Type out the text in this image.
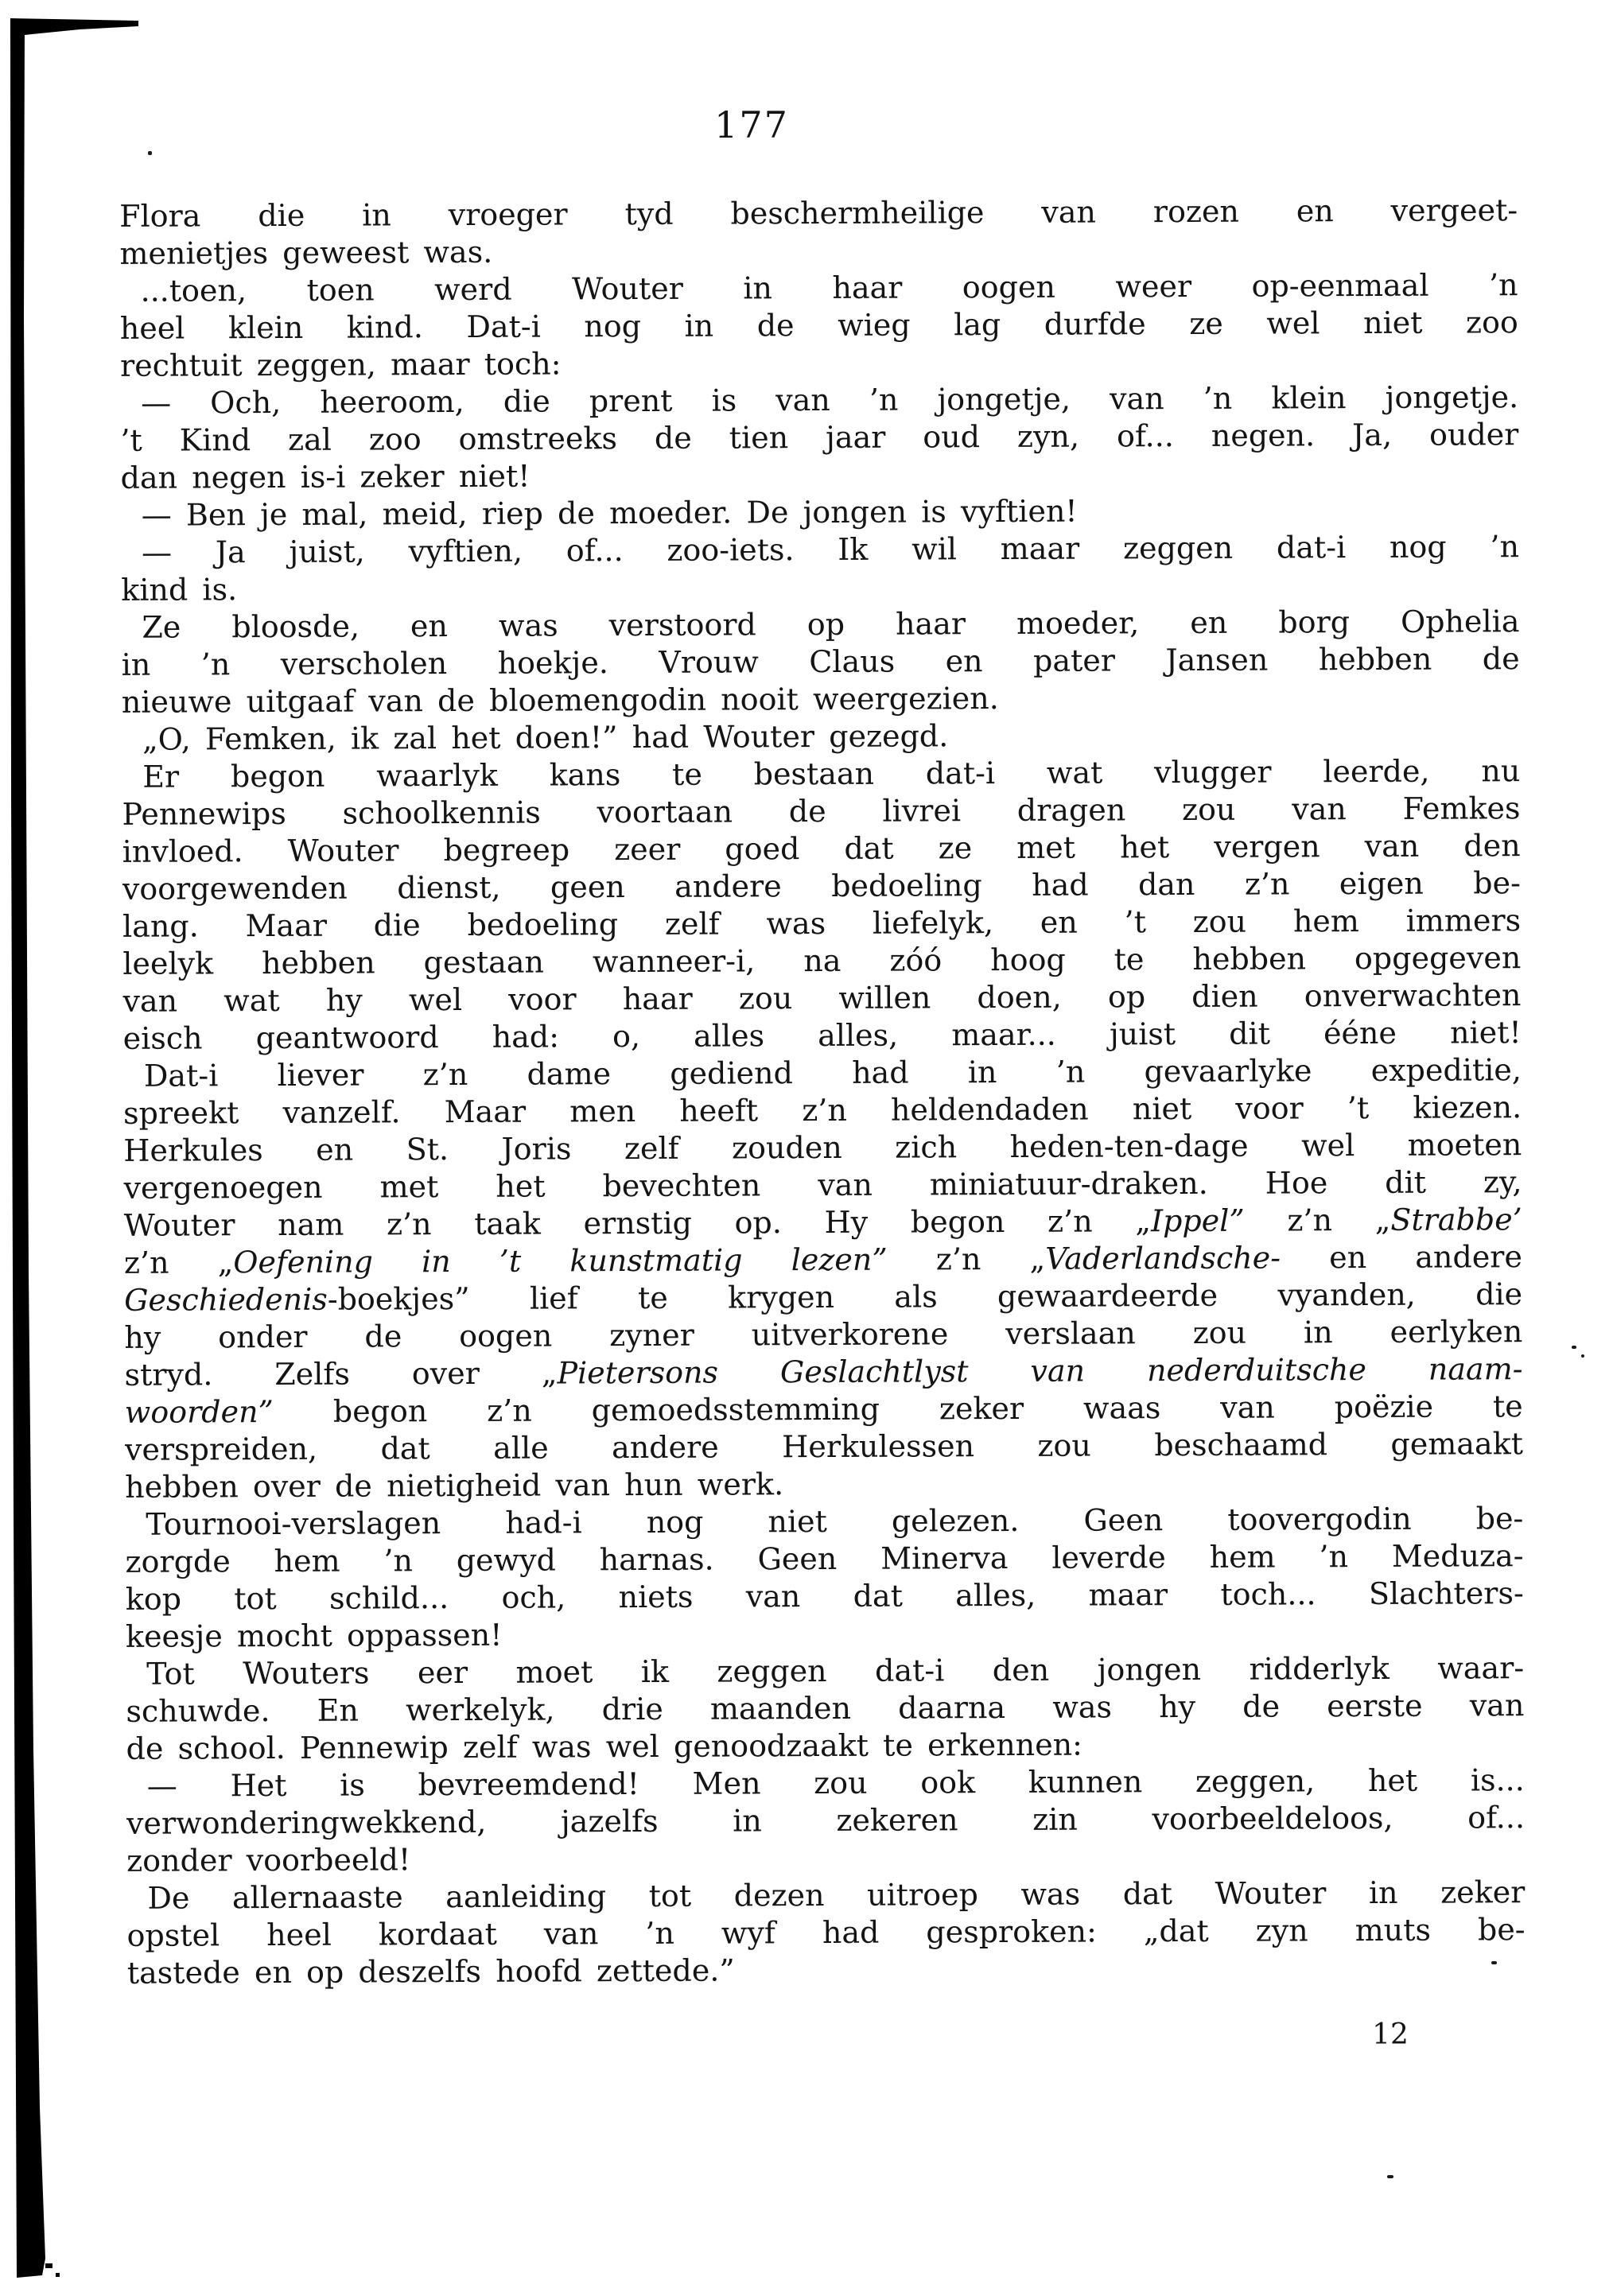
177
Flora die in vroeger tyd beschermheilige van rozen en vergeet-
menietjes geweest was.
...toen, toen werd Wouter in haar oogen weer op-eenmaal ’n
heel klein kind. Dat-i nog in de wieg lag durfde ze wel niet zoo
rechtuit zeggen, maar toch:
— Och, heeroom, die prent is van ’n jongetje, van ’n klein jongetje.
’t Kind zal zoo omstreeks de tien jaar oud zyn, of... negen. Ja, ouder
dan negen is-i zeker niet!
— Ben je mal, meid, riep de moeder. De jongen is vyftien!
— Ja juist, vyftien, of... zoo-iets. Ik wil maar zeggen dat-i nog ’n
kind is.
Ze bloosde, en was verstoord op haar moeder, en borg Ophelia
in ’n verscholen hoekje. Vrouw Claus en pater Jansen hebben de
nieuwe uitgaaf van de bloemengodin nooit weergezien.
„O, Femken, ik zal het doen!” had Wouter gezegd.
Er begon waarlyk kans te bestaan dat-i wat vlugger leerde, nu
Pennewips schoolkennis voortaan de livrei dragen zou van Femkes
invloed. Wouter begreep zeer goed dat ze met het vergen van den
voorgewenden dienst, geen andere bedoeling had dan z’n eigen be-
lang. Maar die bedoeling zelf was liefelyk, en ’t zou hem immers
leelyk hebben gestaan wanneer-i, na zóó hoog te hebben opgegeven
van wat hy wel voor haar zou willen doen, op dien onverwachten
eisch geantwoord had: o, alles alles, maar... juist dit ééne niet!
Dat-i liever z’n dame gediend had in ’n gevaarlyke expeditie,
spreekt vanzelf. Maar men heeft z’n heldendaden niet voor ’t kiezen.
Herkules en St. Joris zelf zouden zich heden-ten-dage wel moeten
vergenoegen met het bevechten van miniatuur-draken. Hoe dit zy,
Wouter nam z’n taak ernstig op. Hy begon z’n „Ippel” z’n „Strabbe’
z’n „Oefening in ’t kunstmatig lezen” z’n „Vaderlandsche- en andere
Geschiedenis-boekjes” lief te krygen als gewaardeerde vyanden, die
hy onder de oogen zyner uitverkorene verslaan zou in eerlyken
stryd. Zelfs over „Pietersons Geslachtlyst van nederduitsche naam-
woorden” begon z’n gemoedsstemming zeker waas van poëzie te
verspreiden, dat alle andere Herkulessen zou beschaamd gemaakt
hebben over de nietigheid van hun werk.
Tournooi-verslagen had-i nog niet gelezen. Geen toovergodin be-
zorgde hem ’n gewyd harnas. Geen Minerva leverde hem ’n Meduza-
kop tot schild... och, niets van dat alles, maar toch... Slachters-
keesje mocht oppassen!
Tot Wouters eer moet ik zeggen dat-i den jongen ridderlyk waar-
schuwde. En werkelyk, drie maanden daarna was hy de eerste van
de school. Pennewip zelf was wel genoodzaakt te erkennen:
— Het is bevreemdend! Men zou ook kunnen zeggen, het is...
verwonderingwekkend, jazelfs in zekeren zin voorbeeldeloos, of...
zonder voorbeeld!
De allernaaste aanleiding tot dezen uitroep was dat Wouter in zeker
opstel heel kordaat van ’n wyf had gesproken: „dat zyn muts be-
tastede en op deszelfs hoofd zettede.”
12
